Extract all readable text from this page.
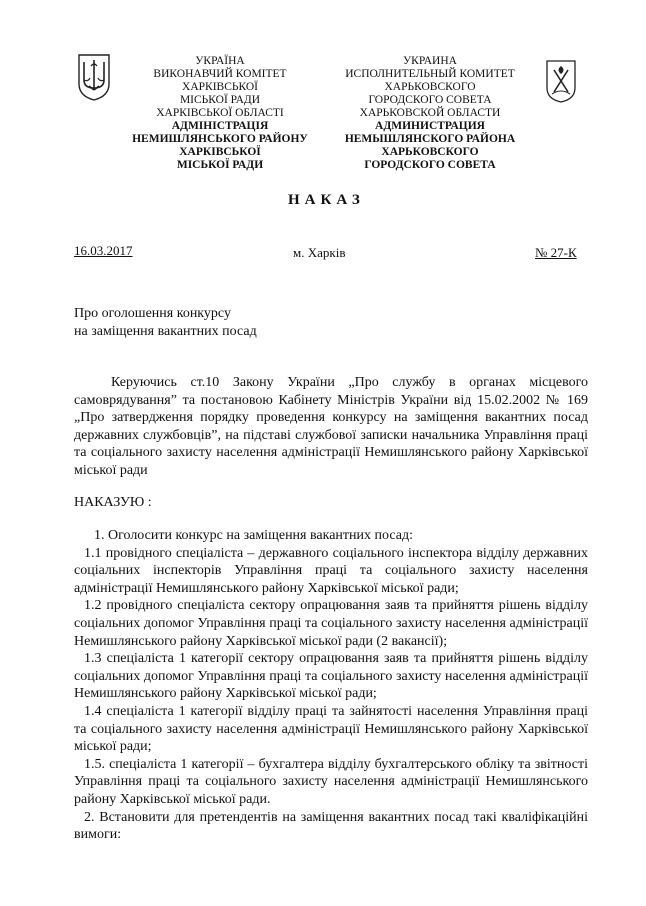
УКРАЇНА
ВИКОНАВЧИЙ КОМІТЕТ
ХАРКІВСЬКОЇ
МІСЬКОЇ РАДИ
ХАРКІВСЬКОЇ ОБЛАСТІ
АДМІНІСТРАЦІЯ
НЕМИШЛЯНСЬКОГО РАЙОНУ
ХАРКІВСЬКОЇ
МІСЬКОЇ РАДИ
УКРАИНА
ИСПОЛНИТЕЛЬНЫЙ КОМИТЕТ
ХАРЬКОВСКОГО
ГОРОДСКОГО СОВЕТА
ХАРЬКОВСКОЙ ОБЛАСТИ
АДМИНИСТРАЦИЯ
НЕМЫШЛЯНСКОГО РАЙОНА
ХАРЬКОВСКОГО
ГОРОДСКОГО СОВЕТА
НАКАЗ
16.03.2017	м. Харків	№ 27-К

Про оголошення конкурсу

на заміщення вакантних посад

Керуючись ст.10 Закону України „Про службу в органах місцевого самоврядування” та постановою Кабінету Міністрів України від 15.02.2002 № 169 „Про затвердження порядку проведення конкурсу на заміщення вакантних посад державних службовців”, на підставі службової записки начальника Управління праці та соціального захисту населення адміністрації Немишлянського району Харківської міської ради

НАКАЗУЮ :

1. Оголосити конкурс на заміщення вакантних посад:

1.1 провідного спеціаліста – державного соціального інспектора відділу державних соціальних інспекторів Управління праці та соціального захисту населення адміністрації Немишлянського району Харківської міської ради;

1.2 провідного спеціаліста сектору опрацювання заяв та прийняття рішень відділу соціальних допомог Управління праці та соціального захисту населення адміністрації Немишлянського району Харківської міської ради (2 вакансії);

1.3 спеціаліста 1 категорії сектору опрацювання заяв та прийняття рішень відділу соціальних допомог Управління праці та соціального захисту населення адміністрації Немишлянського району Харківської міської ради;

1.4 спеціаліста 1 категорії відділу праці та зайнятості населення Управління праці та соціального захисту населення адміністрації Немишлянського району Харківської міської ради;

1.5. спеціаліста 1 категорії – бухгалтера відділу бухгалтерського обліку та звітності Управління праці та соціального захисту населення адміністрації Немишлянського району Харківської міської ради.

2. Встановити для претендентів на заміщення вакантних посад такі кваліфікаційні вимоги:
